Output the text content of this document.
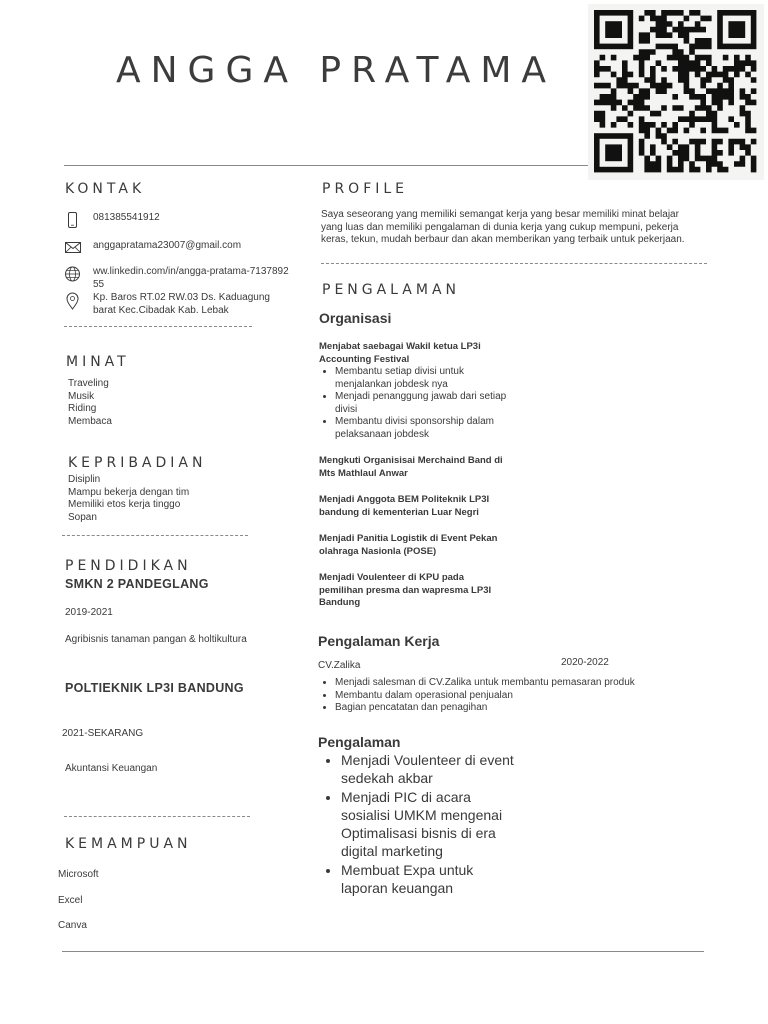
ANGGA PRATAMA
KONTAK
081385541912
anggapratama23007@gmail.com
ww.linkedin.com/in/angga-pratama-713789255
Kp. Baros RT.02 RW.03 Ds. Kaduagung barat Kec.Cibadak Kab. Lebak
MINAT
Traveling
Musik
Riding
Membaca
KEPRIBADIAN
Disiplin
Mampu bekerja dengan tim
Memiliki etos kerja tinggo
Sopan
PENDIDIKAN
SMKN 2 PANDEGLANG
2019-2021
Agribisnis tanaman pangan & holtikultura
POLTIEKNIK LP3I BANDUNG
2021-SEKARANG
Akuntansi Keuangan
KEMAMPUAN
Microsoft
Excel
Canva
PROFILE
Saya seseorang yang memiliki semangat kerja yang besar memiliki minat belajar yang luas dan memiliki pengalaman di dunia kerja yang cukup mempuni, pekerja keras, tekun, mudah berbaur dan akan memberikan yang terbaik untuk pekerjaan.
PENGALAMAN
Organisasi
Menjabat saebagai Wakil ketua LP3i Accounting Festival
• Membantu setiap divisi untuk menjalankan jobdesk nya
• Menjadi penanggung jawab dari setiap divisi
• Membantu divisi sponsorship dalam pelaksanaan jobdesk
Mengkuti Organisisai Merchaind Band di Mts Mathlaul Anwar
Menjadi Anggota BEM Politeknik LP3I bandung di kementerian Luar Negri
Menjadi Panitia Logistik di Event Pekan olahraga Nasionla (POSE)
Menjadi Voulenteer di KPU pada pemilihan presma dan wapresma LP3I Bandung
Pengalaman Kerja
CV.Zalika	2020-2022
• Menjadi salesman di CV.Zalika untuk membantu pemasaran produk
• Membantu dalam operasional penjualan
• Bagian pencatatan dan penagihan
Pengalaman
• Menjadi Voulenteer di event sedekah akbar
• Menjadi PIC di acara sosialisi UMKM mengenai Optimalisasi bisnis di era digital marketing
• Membuat Expa untuk laporan keuangan
